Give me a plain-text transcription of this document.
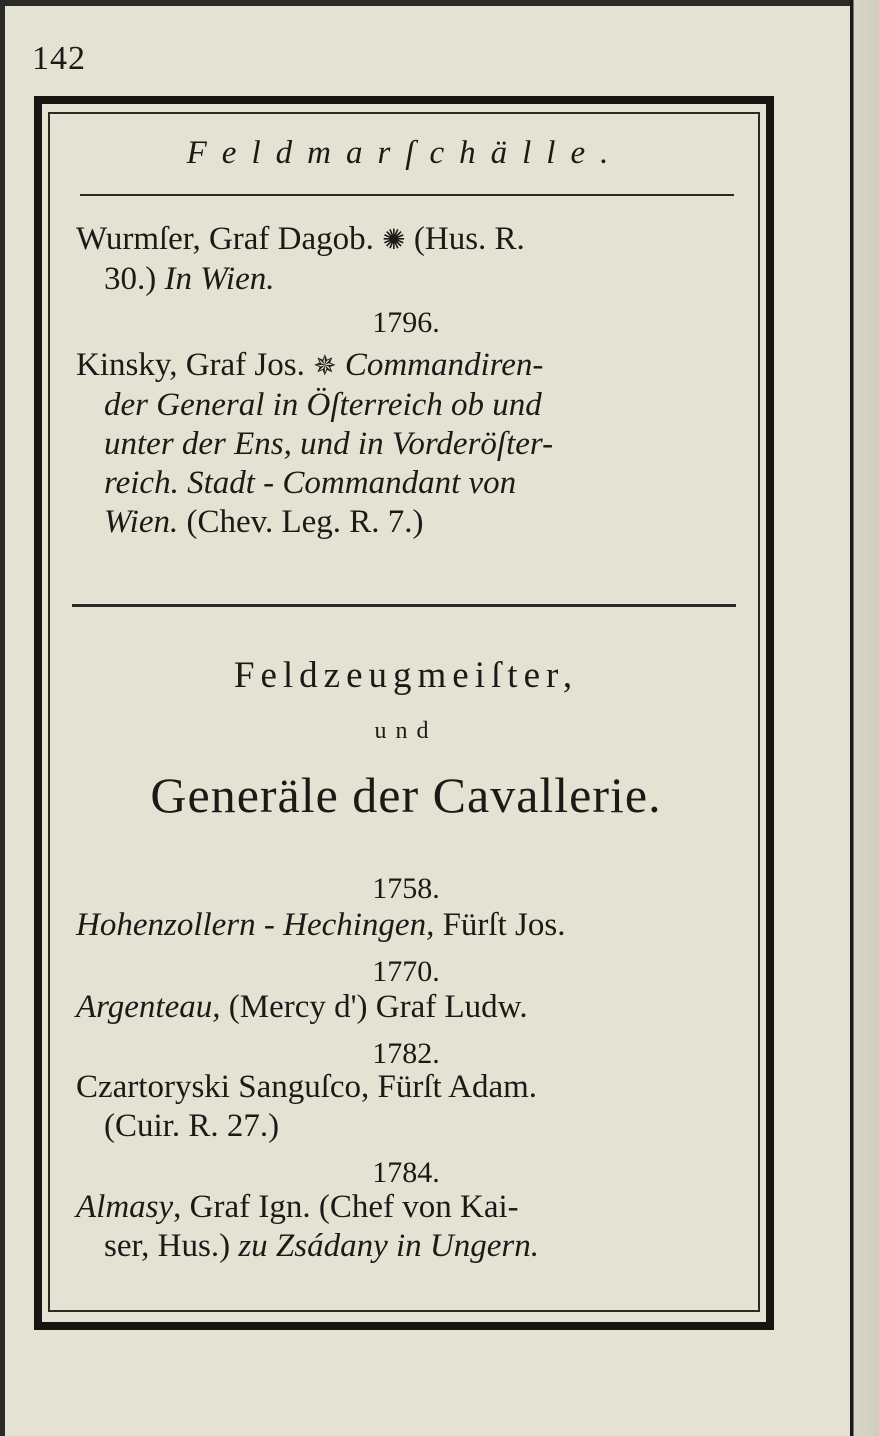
142
Feldmarſchälle.
Wurmſer, Graf Dagob. ✺ (Hus. R.
30.) In Wien.
1796.
Kinsky, Graf Jos. ✵ Commandiren-
der General in Öſterreich ob und
unter der Ens, und in Vorderöſter-
reich. Stadt - Commandant von
Wien. (Chev. Leg. R. 7.)
Feldzeugmeiſter,
und
Generäle der Cavallerie.
1758.
Hohenzollern - Hechingen, Fürſt Jos.
1770.
Argenteau, (Mercy d') Graf Ludw.
1782.
Czartoryski Sanguſco, Fürſt Adam.
(Cuir. R. 27.)
1784.
Almasy, Graf Ign. (Chef von Kai-
ser, Hus.) zu Zsádany in Ungern.
